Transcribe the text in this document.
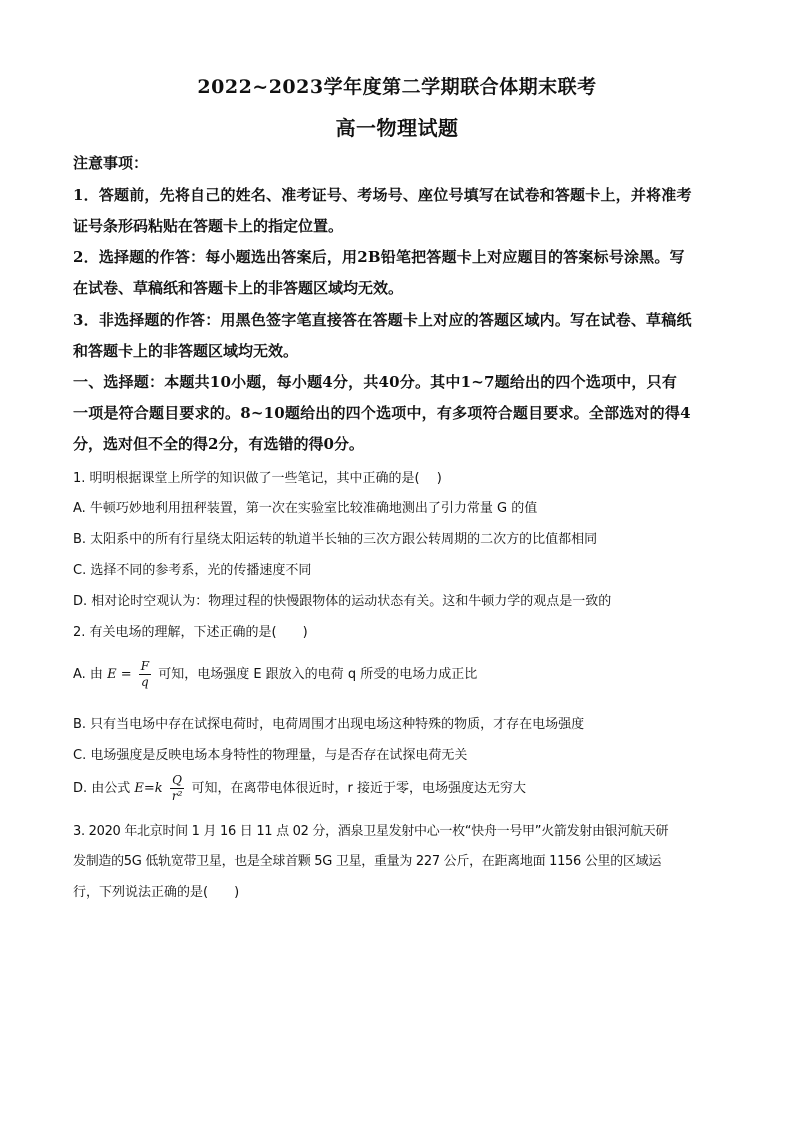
2022~2023学年度第二学期联合体期末联考
高一物理试题
注意事项：
1．答题前，先将自己的姓名、准考证号、考场号、座位号填写在试卷和答题卡上，并将准考
证号条形码粘贴在答题卡上的指定位置。
2．选择题的作答：每小题选出答案后，用2B铅笔把答题卡上对应题目的答案标号涂黑。写
在试卷、草稿纸和答题卡上的非答题区域均无效。
3．非选择题的作答：用黑色签字笔直接答在答题卡上对应的答题区域内。写在试卷、草稿纸
和答题卡上的非答题区域均无效。
一、选择题：本题共10小题，每小题4分，共40分。其中1~7题给出的四个选项中，只有
一项是符合题目要求的。8~10题给出的四个选项中，有多项符合题目要求。全部选对的得4
分，选对但不全的得2分，有选错的得0分。
1. 明明根据课堂上所学的知识做了一些笔记，其中正确的是(　 )
A. 牛顿巧妙地利用扭秤装置，第一次在实验室比较准确地测出了引力常量 G 的值
B. 太阳系中的所有行星绕太阳运转的轨道半长轴的三次方跟公转周期的二次方的比值都相同
C. 选择不同的参考系，光的传播速度不同
D. 相对论时空观认为：物理过程的快慢跟物体的运动状态有关。这和牛顿力学的观点是一致的
2. 有关电场的理解，下述正确的是(　　)
A. 由 $E = \frac{F}{q}$ 可知，电场强度 E 跟放入的电荷 q 所受的电场力成正比
B. 只有当电场中存在试探电荷时，电荷周围才出现电场这种特殊的物质，才存在电场强度
C. 电场强度是反映电场本身特性的物理量，与是否存在试探电荷无关
D. 由公式 $E=k \frac{Q}{\text{r²}}$ 可知，在离带电体很近时，r 接近于零，电场强度达无穷大
3. 2020 年北京时间 1 月 16 日 11 点 02 分，酒泉卫星发射中心一枚“快舟一号甲”火箭发射由银河航天研
发制造的5G 低轨宽带卫星，也是全球首颗 5G 卫星，重量为 227 公斤，在距离地面 1156 公里的区域运
行，下列说法正确的是(　　)
